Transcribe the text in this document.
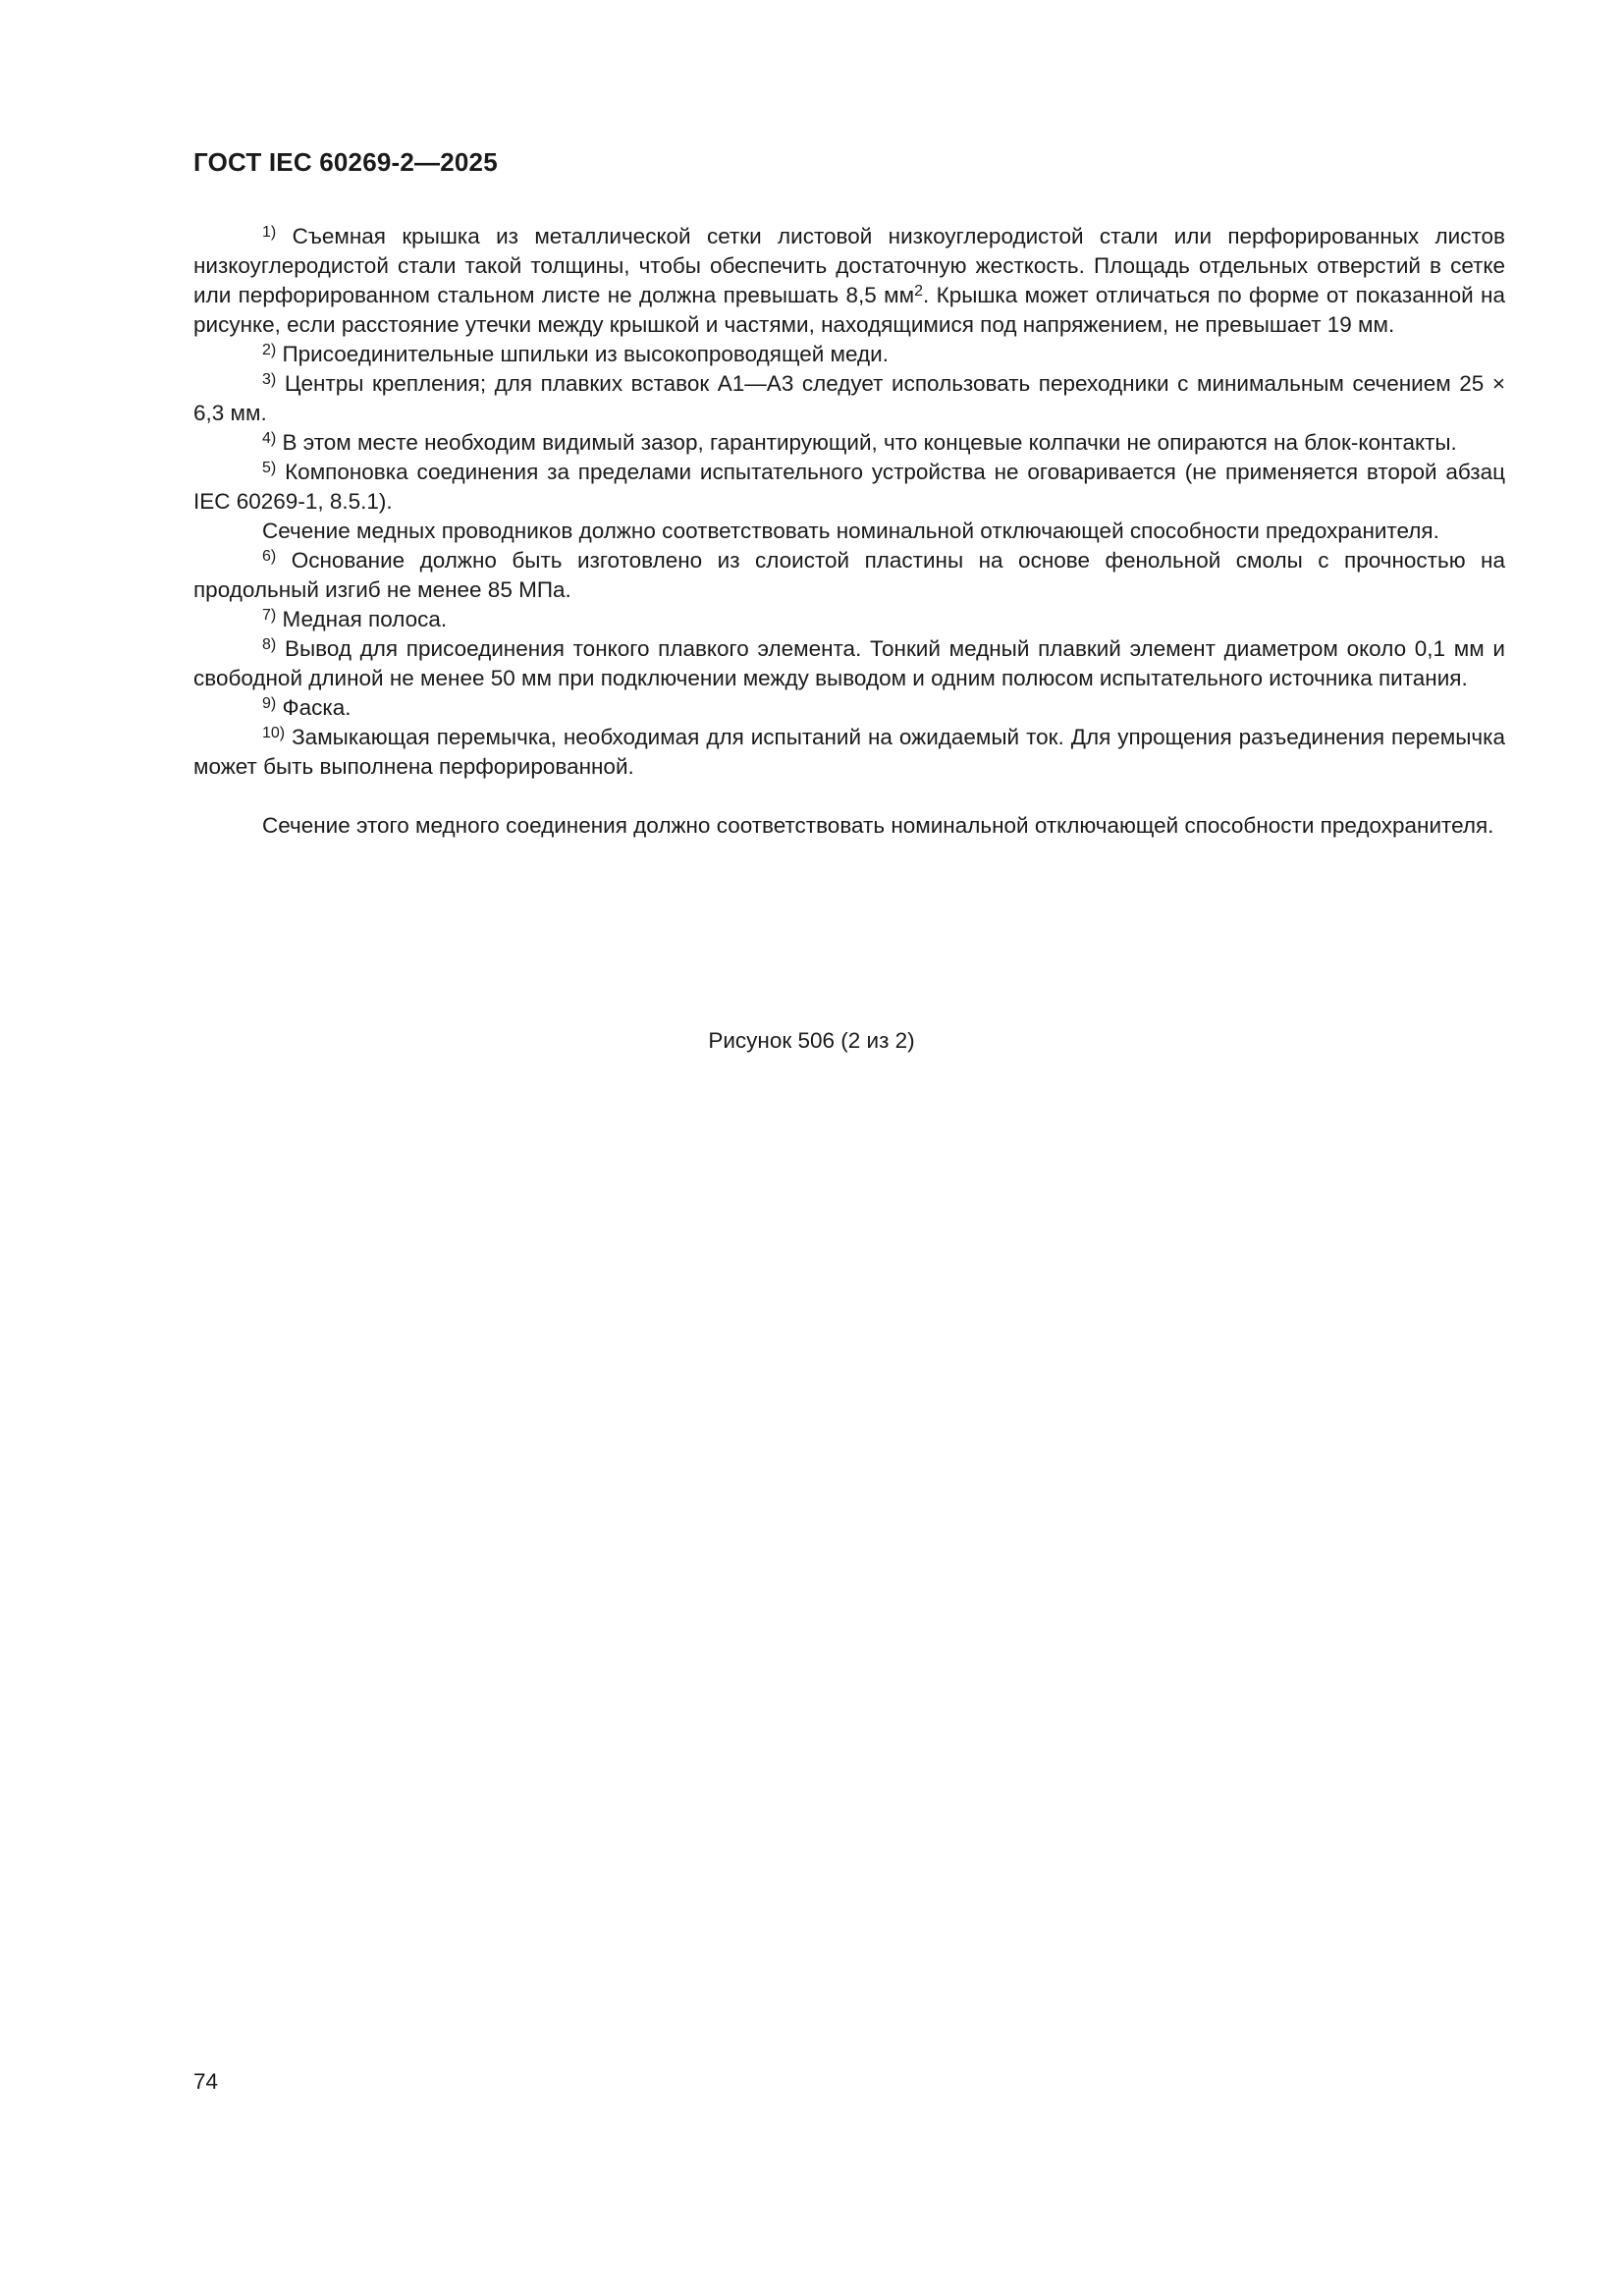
ГОСТ IEC 60269-2—2025

$^{1)}$ Съемная крышка из металлической сетки листовой низкоуглеродистой стали или перфорированных листов низкоуглеродистой стали такой толщины, чтобы обеспечить достаточную жесткость. Площадь отдельных отверстий в сетке или перфорированном стальном листе не должна превышать 8,5 $мм^2$. Крышка может отличаться по форме от показанной на рисунке, если расстояние утечки между крышкой и частями, находящимися под напряжением, не превышает 19 мм.

$^{2)}$ Присоединительные шпильки из высокопроводящей меди.

$^{3)}$ Центры крепления; для плавких вставок А1—А3 следует использовать переходники с минимальным сечением 25 × 6,3 мм.

$^{4)}$ В этом месте необходим видимый зазор, гарантирующий, что концевые колпачки не опираются на блок-контакты.

$^{5)}$ Компоновка соединения за пределами испытательного устройства не оговаривается (не применяется второй абзац IEC 60269-1, 8.5.1).

Сечение медных проводников должно соответствовать номинальной отключающей способности предохранителя.

$^{6)}$ Основание должно быть изготовлено из слоистой пластины на основе фенольной смолы с прочностью на продольный изгиб не менее 85 МПа.

$^{7)}$ Медная полоса.

$^{8)}$ Вывод для присоединения тонкого плавкого элемента. Тонкий медный плавкий элемент диаметром около 0,1 мм и свободной длиной не менее 50 мм при подключении между выводом и одним полюсом испытательного источника питания.

$^{9)}$ Фаска.

$^{10)}$ Замыкающая перемычка, необходимая для испытаний на ожидаемый ток. Для упрощения разъединения перемычка может быть выполнена перфорированной.

Сечение этого медного соединения должно соответствовать номинальной отключающей способности предохранителя.

Рисунок 506 (2 из 2)
74
